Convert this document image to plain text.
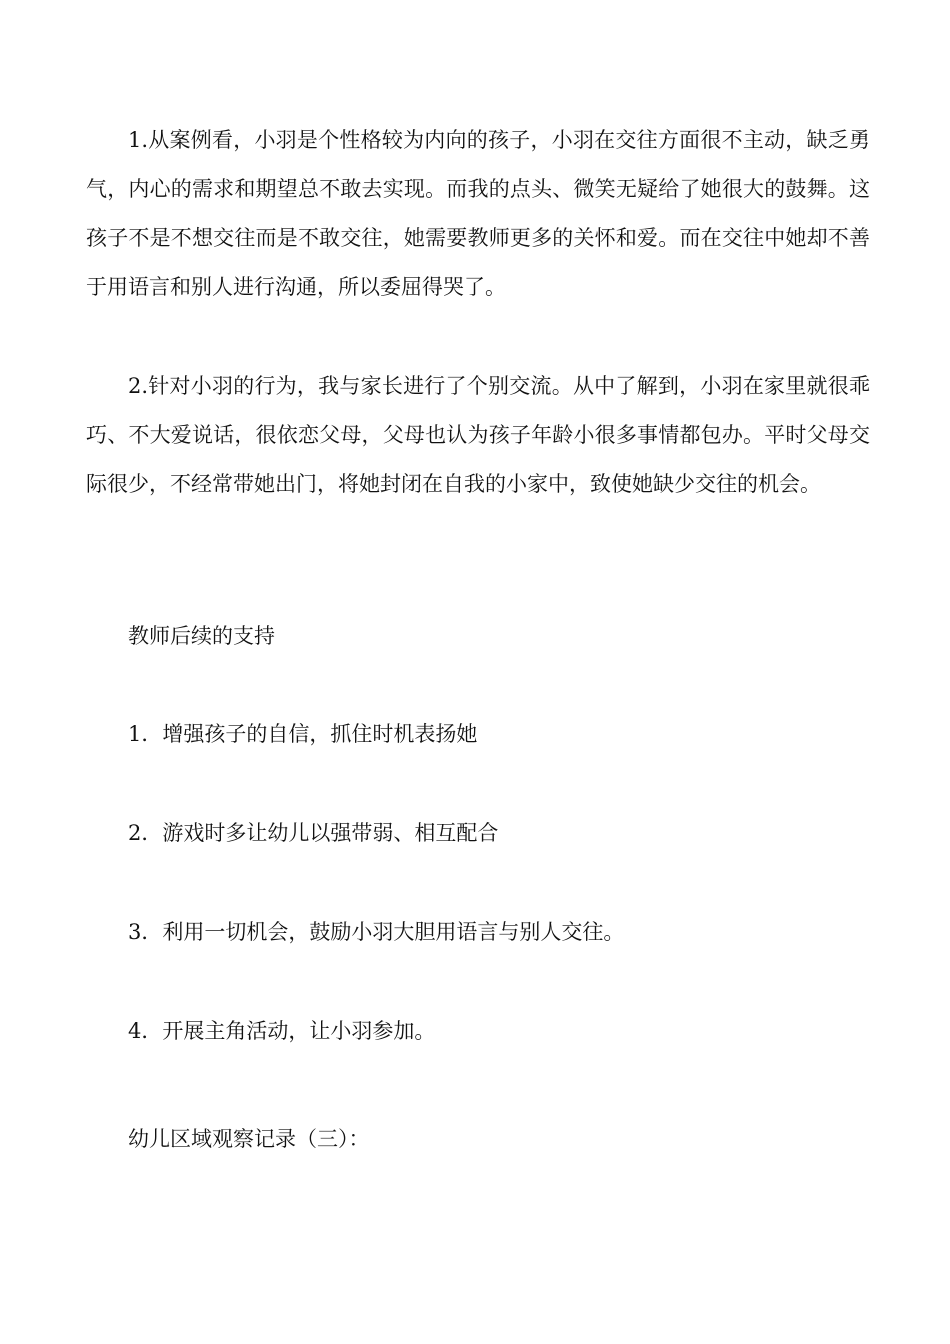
1.从案例看，小羽是个性格较为内向的孩子，小羽在交往方面很不主动，缺乏勇气，内心的需求和期望总不敢去实现。而我的点头、微笑无疑给了她很大的鼓舞。这孩子不是不想交往而是不敢交往，她需要教师更多的关怀和爱。而在交往中她却不善于用语言和别人进行沟通，所以委屈得哭了。

2.针对小羽的行为，我与家长进行了个别交流。从中了解到，小羽在家里就很乖巧、不大爱说话，很依恋父母，父母也认为孩子年龄小很多事情都包办。平时父母交际很少，不经常带她出门，将她封闭在自我的小家中，致使她缺少交往的机会。

教师后续的支持

1．增强孩子的自信，抓住时机表扬她

2．游戏时多让幼儿以强带弱、相互配合

3．利用一切机会，鼓励小羽大胆用语言与别人交往。

4．开展主角活动，让小羽参加。

幼儿区域观察记录（三）：
